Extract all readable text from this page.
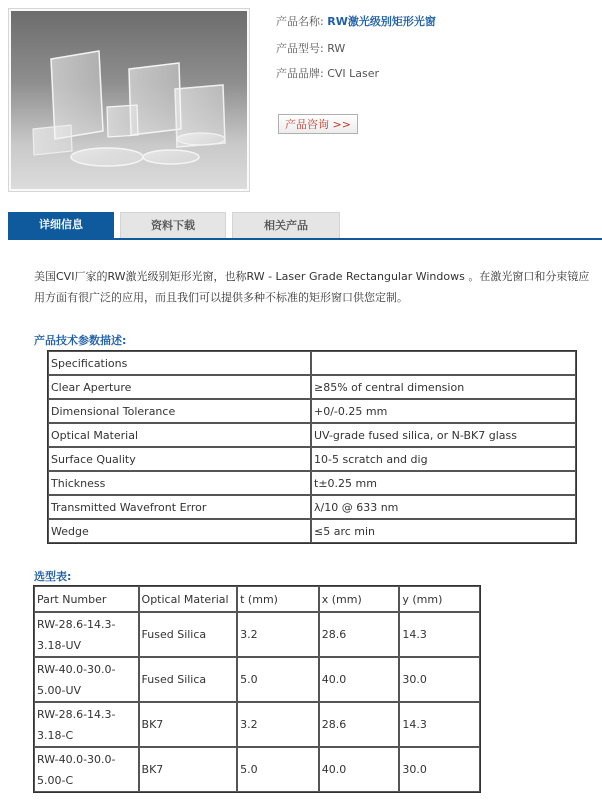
产品名称: RW激光级别矩形光窗
产品型号: RW
产品品牌: CVI Laser
产品咨询 >>
详细信息	资料下载	相关产品
美国CVI厂家的RW激光级别矩形光窗，也称RW - Laser Grade Rectangular Windows 。在激光窗口和分束镜应用方面有很广泛的应用，而且我们可以提供多种不标准的矩形窗口供您定制。
产品技术参数描述:
Specifications	
Clear Aperture	≥85% of central dimension
Dimensional Tolerance	+0/-0.25 mm
Optical Material	UV-grade fused silica, or N-BK7 glass
Surface Quality	10-5 scratch and dig
Thickness	t±0.25 mm
Transmitted Wavefront Error	λ/10 @ 633 nm
Wedge	≤5 arc min
选型表:
Part Number	Optical Material	t (mm)	x (mm)	y (mm)
RW-28.6-14.3-3.18-UV	Fused Silica	3.2	28.6	14.3
RW-40.0-30.0-5.00-UV	Fused Silica	5.0	40.0	30.0
RW-28.6-14.3-3.18-C	BK7	3.2	28.6	14.3
RW-40.0-30.0-5.00-C	BK7	5.0	40.0	30.0
